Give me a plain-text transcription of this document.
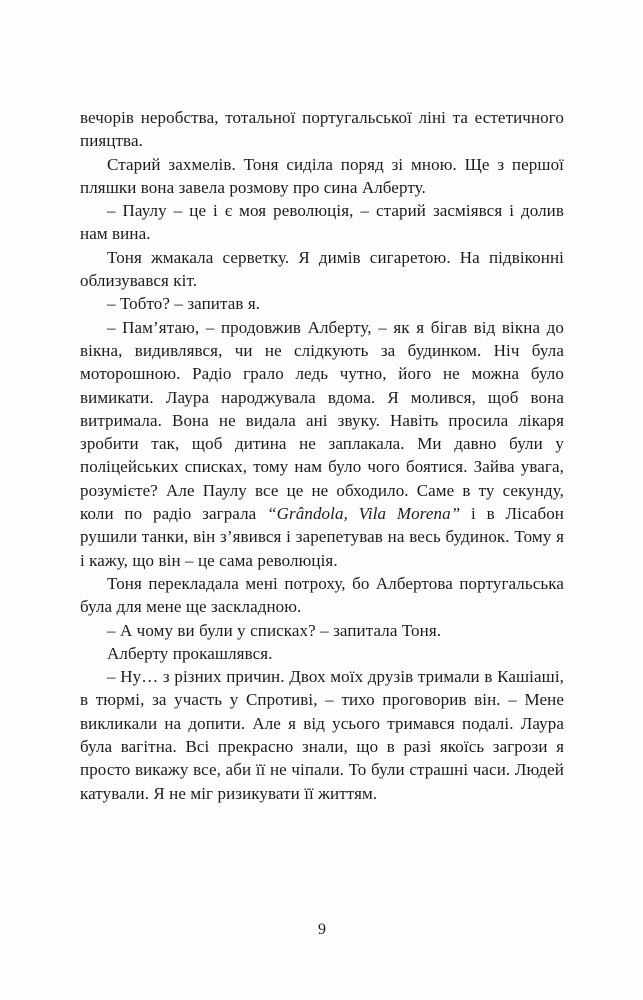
вечорів неробства, тотальної португальської ліні та естетичного пияцтва.

Старий захмелів. Тоня сиділа поряд зі мною. Ще з першої пляшки вона завела розмову про сина Алберту.

– Паулу – це і є моя революція, – старий засміявся і долив нам вина.

Тоня жмакала серветку. Я димів сигаретою. На підвіконні облизувався кіт.

– Тобто? – запитав я.

– Пам’ятаю, – продовжив Алберту, – як я бігав від вікна до вікна, видивлявся, чи не слідкують за будинком. Ніч була моторошною. Радіо грало ледь чутно, його не можна було вимикати. Лаура народжувала вдома. Я молився, щоб вона витримала. Вона не видала ані звуку. Навіть просила лікаря зробити так, щоб дитина не заплакала. Ми давно були у поліцейських списках, тому нам було чого боятися. Зайва увага, розумієте? Але Паулу все це не обходило. Саме в ту секунду, коли по радіо заграла “Grândola, Vila Morena” і в Лісабон рушили танки, він з’явився і зарепетував на весь будинок. Тому я і кажу, що він – це сама революція.

Тоня перекладала мені потроху, бо Албертова португальська була для мене ще заскладною.

– А чому ви були у списках? – запитала Тоня.

Алберту прокашлявся.

– Ну… з різних причин. Двох моїх друзів тримали в Кашіаші, в тюрмі, за участь у Спротиві, – тихо проговорив він. – Мене викликали на допити. Але я від усього тримався подалі. Лаура була вагітна. Всі прекрасно знали, що в разі якоїсь загрози я просто викажу все, аби її не чіпали. То були страшні часи. Людей катували. Я не міг ризикувати її життям.

9
